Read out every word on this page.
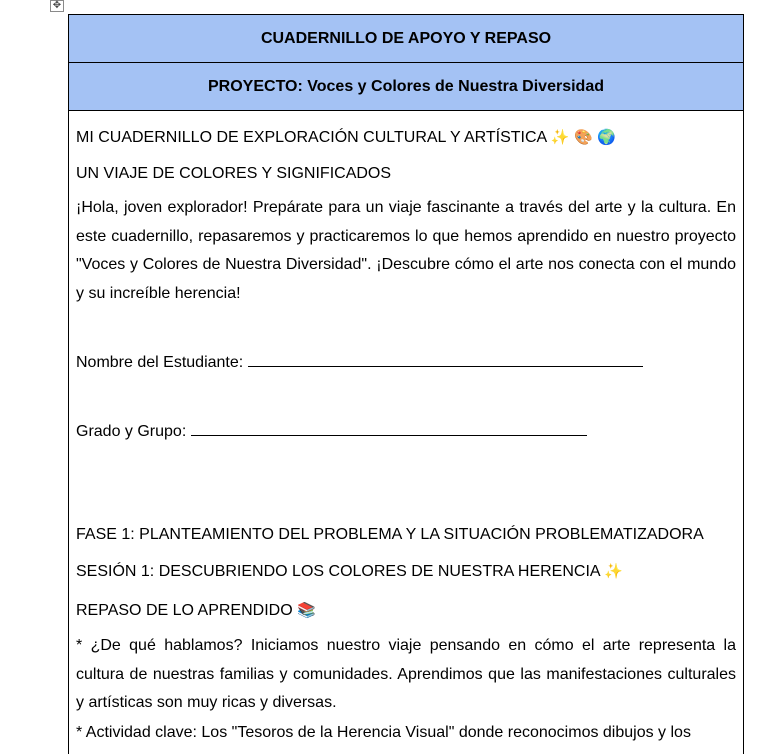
✥
CUADERNILLO DE APOYO Y REPASO
PROYECTO: Voces y Colores de Nuestra Diversidad
MI CUADERNILLO DE EXPLORACIÓN CULTURAL Y ARTÍSTICA ✨ 🎨 🌍
UN VIAJE DE COLORES Y SIGNIFICADOS
¡Hola, joven explorador! Prepárate para un viaje fascinante a través del arte y la cultura. En este cuadernillo, repasaremos y practicaremos lo que hemos aprendido en nuestro proyecto "Voces y Colores de Nuestra Diversidad". ¡Descubre cómo el arte nos conecta con el mundo y su increíble herencia!
Nombre del Estudiante:
Grado y Grupo:
FASE 1: PLANTEAMIENTO DEL PROBLEMA Y LA SITUACIÓN PROBLEMATIZADORA
SESIÓN 1: DESCUBRIENDO LOS COLORES DE NUESTRA HERENCIA ✨
REPASO DE LO APRENDIDO 📚
* ¿De qué hablamos? Iniciamos nuestro viaje pensando en cómo el arte representa la cultura de nuestras familias y comunidades. Aprendimos que las manifestaciones culturales y artísticas son muy ricas y diversas.
* Actividad clave: Los "Tesoros de la Herencia Visual" donde reconocimos dibujos y los
